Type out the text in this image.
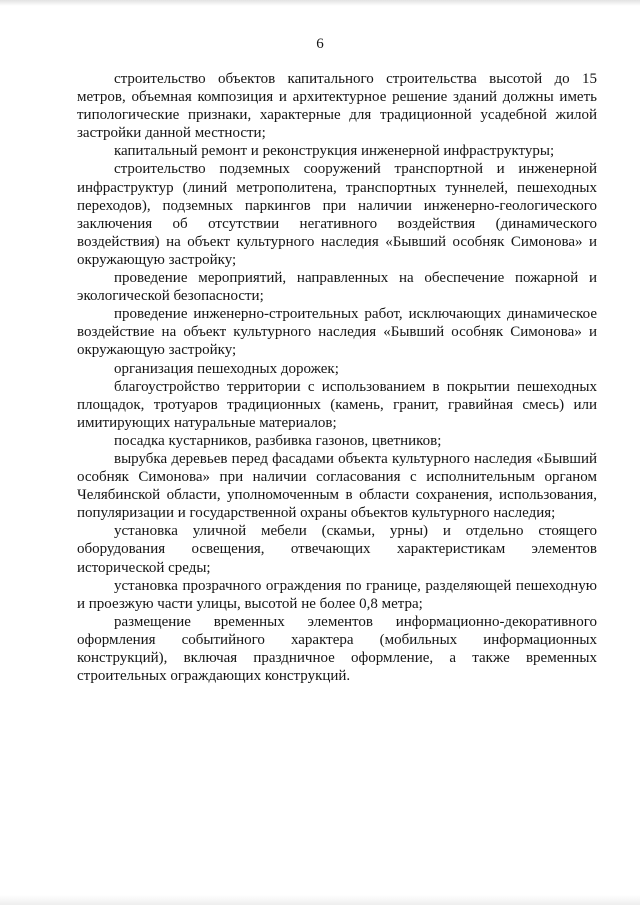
6

строительство объектов капитального строительства высотой до 15 метров, объемная композиция и архитектурное решение зданий должны иметь типологические признаки, характерные для традиционной усадебной жилой застройки данной местности;

капитальный ремонт и реконструкция инженерной инфраструктуры;

строительство подземных сооружений транспортной и инженерной инфраструктур (линий метрополитена, транспортных туннелей, пешеходных переходов), подземных паркингов при наличии инженерно-геологического заключения об отсутствии негативного воздействия (динамического воздействия) на объект культурного наследия «Бывший особняк Симонова» и окружающую застройку;

проведение мероприятий, направленных на обеспечение пожарной и экологической безопасности;

проведение инженерно-строительных работ, исключающих динамическое воздействие на объект культурного наследия «Бывший особняк Симонова» и окружающую застройку;

организация пешеходных дорожек;

благоустройство территории с использованием в покрытии пешеходных площадок, тротуаров традиционных (камень, гранит, гравийная смесь) или имитирующих натуральные материалов;

посадка кустарников, разбивка газонов, цветников;

вырубка деревьев перед фасадами объекта культурного наследия «Бывший особняк Симонова» при наличии согласования с исполнительным органом Челябинской области, уполномоченным в области сохранения, использования, популяризации и государственной охраны объектов культурного наследия;

установка уличной мебели (скамьи, урны) и отдельно стоящего оборудования освещения, отвечающих характеристикам элементов исторической среды;

установка прозрачного ограждения по границе, разделяющей пешеходную и проезжую части улицы, высотой не более 0,8 метра;

размещение временных элементов информационно-декоративного оформления событийного характера (мобильных информационных конструкций), включая праздничное оформление, а также временных строительных ограждающих конструкций.
